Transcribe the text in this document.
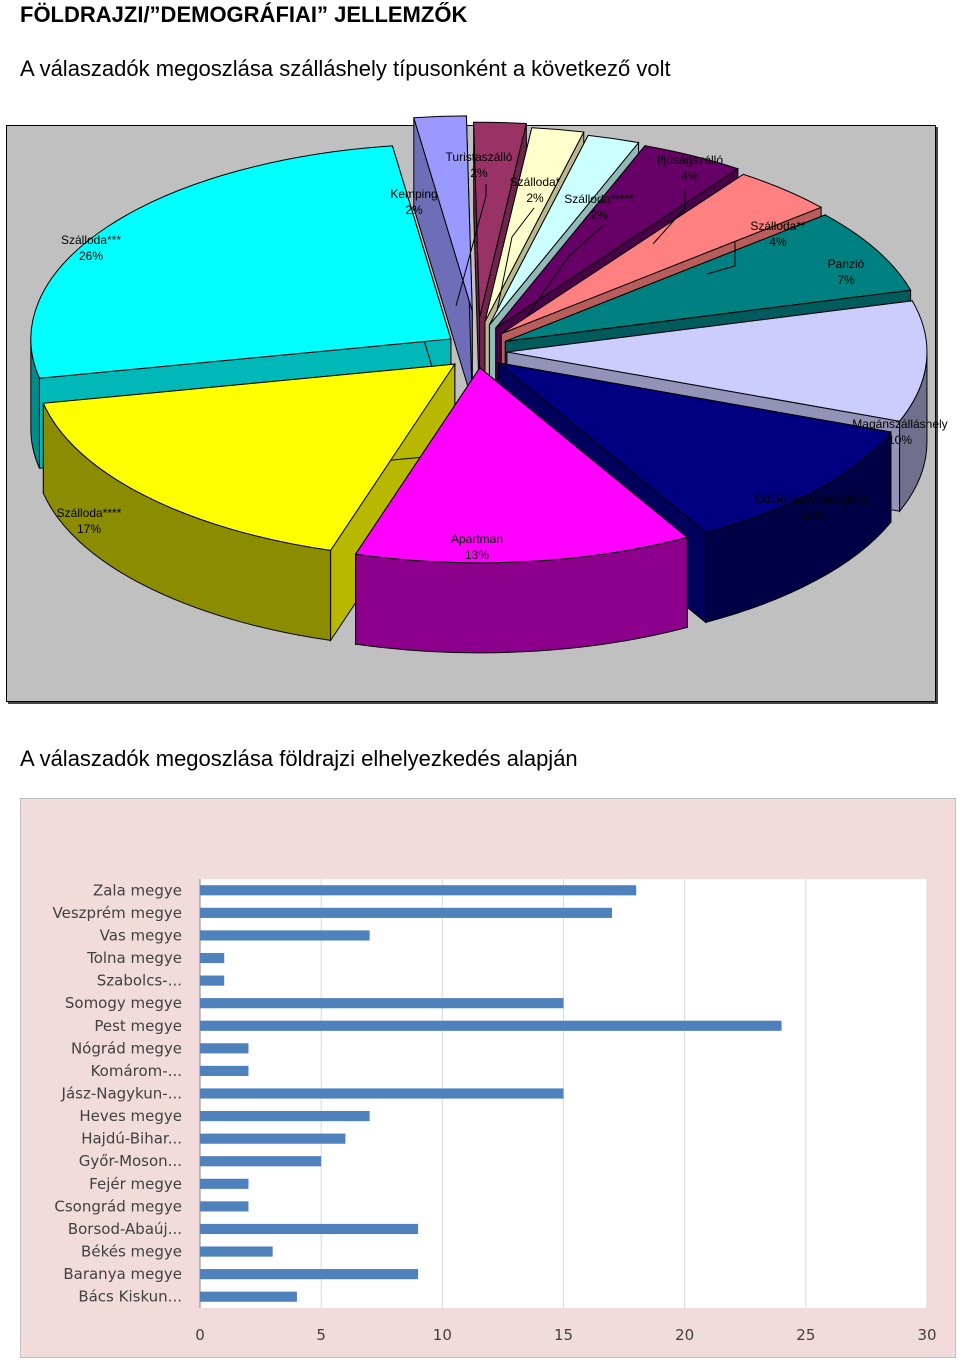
FÖLDRAJZI/”DEMOGRÁFIAI” JELLEMZŐK
A válaszadók megoszlása szálláshely típusonként a következő volt
Kemping
2%
Turistaszálló
2%
Szálloda*
2% Szálloda*****
2%
Ifjúságszálló
4%
Szálloda**
4%
Panzió
7%
Magánszálláshely
10%
Üdülőház/Vendégház
11%
Apartman
13%
Szálloda****
17%
Szálloda***
26%
A válaszadók megoszlása földrajzi elhelyezkedés alapján
0	5	10	15	20	25	30
Zala megye
Veszprém megye
Vas megye
Tolna megye
Szabolcs-...
Somogy megye
Pest megye
Nógrád megye
Komárom-...
Jász-Nagykun-...
Heves megye
Hajdú-Bihar...
Győr-Moson...
Fejér megye
Csongrád megye
Borsod-Abaúj...
Békés megye
Baranya megye
Bács Kiskun...
